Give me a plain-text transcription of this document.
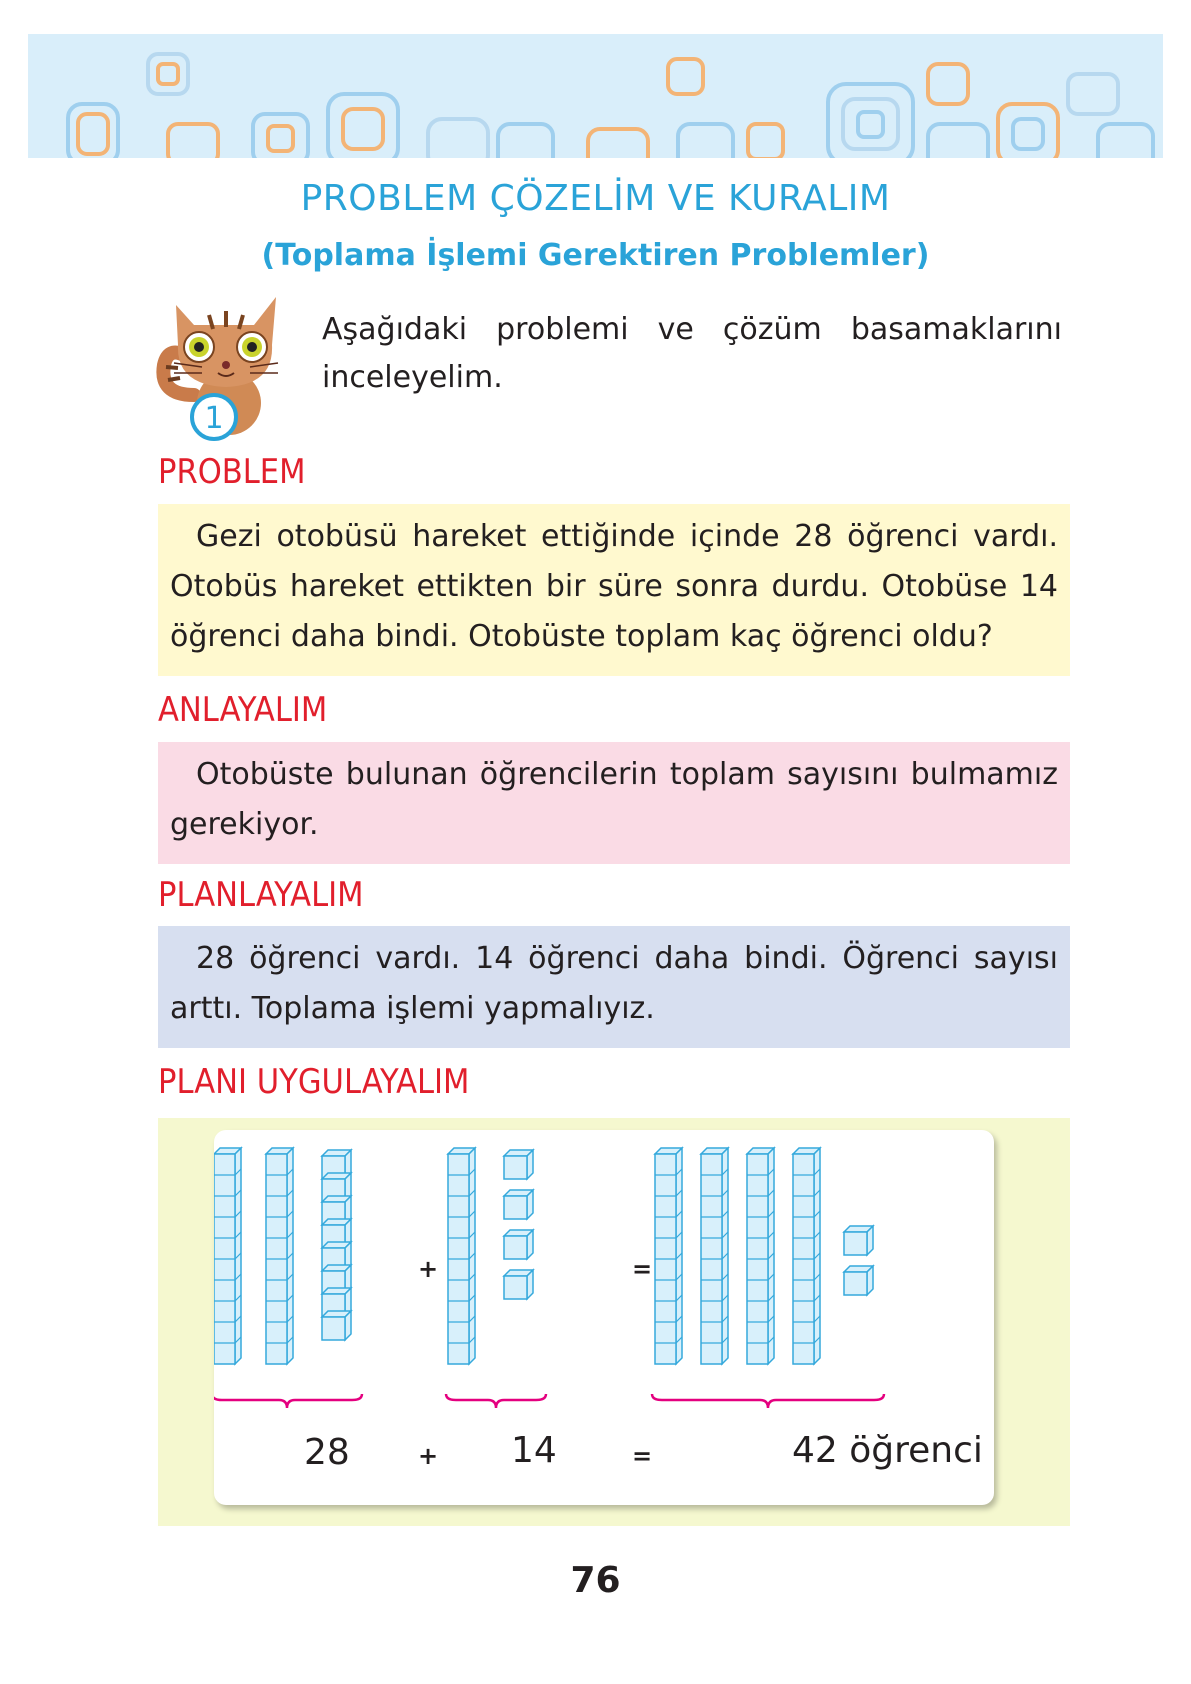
PROBLEM ÇÖZELİM VE KURALIM
(Toplama İşlemi Gerektiren Problemler)
1
Aşağıdaki problemi ve çözüm basamaklarını inceleyelim.
PROBLEM
Gezi otobüsü hareket ettiğinde içinde 28 öğrenci vardı. Otobüs hareket ettikten bir süre sonra durdu. Otobüse 14 öğrenci daha bindi. Otobüste toplam kaç öğrenci oldu?
ANLAYALIM
Otobüste bulunan öğrencilerin toplam sayısını bulmamız gerekiyor.
PLANLAYALIM
28 öğrenci vardı. 14 öğrenci daha bindi. Öğrenci sayısı arttı. Toplama işlemi yapmalıyız.
PLANI UYGULAYALIM
28	+ 14	=	42 öğrenci
+	=
76
